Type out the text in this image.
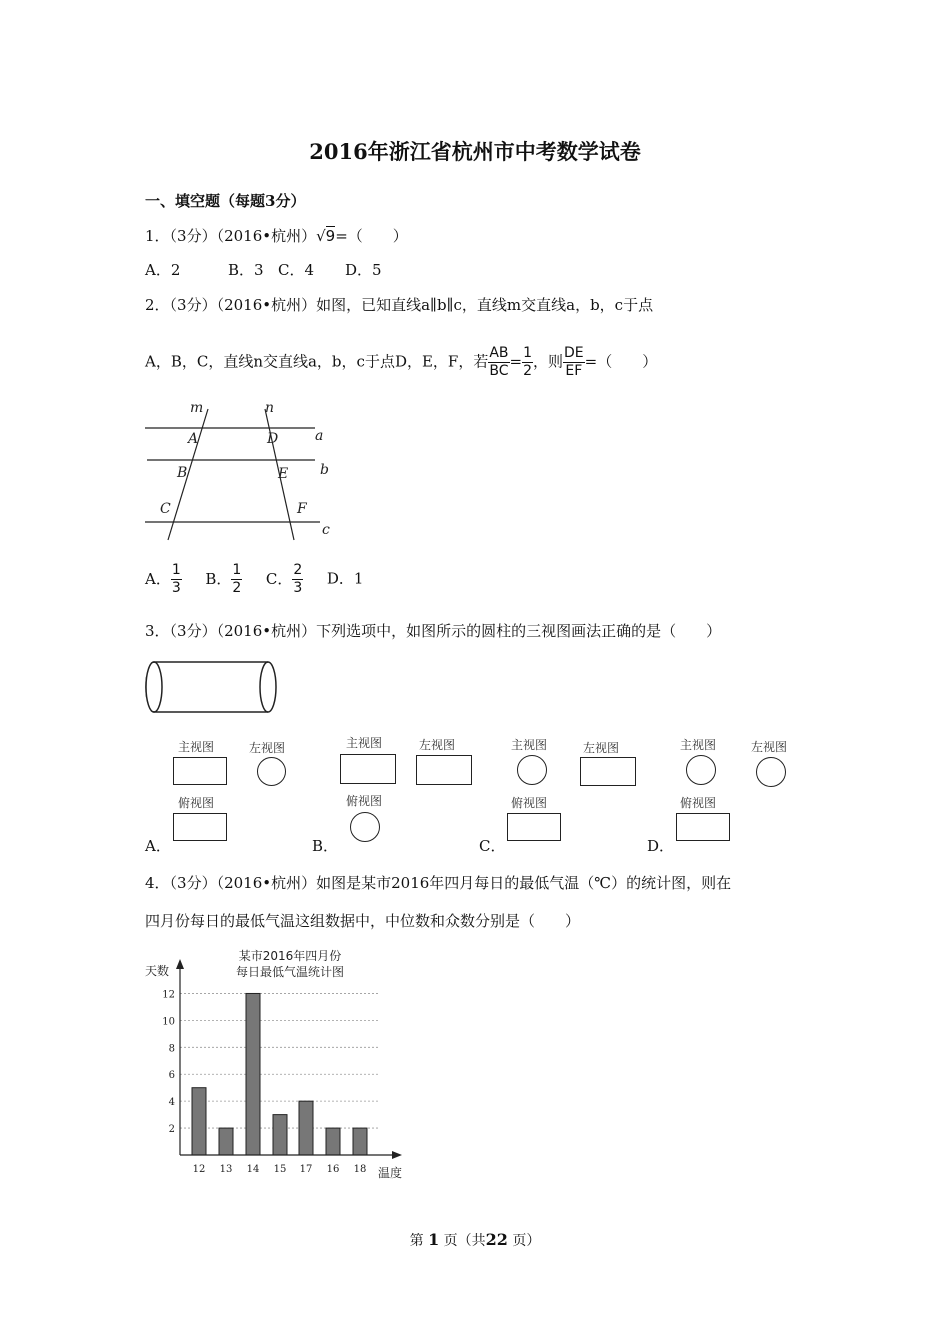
2016年浙江省杭州市中考数学试卷
一、填空题（每题3分）
1．（3分）（2016•杭州）√9=（　　）
A．2	B．3 C．4 D．5
2．（3分）（2016•杭州）如图，已知直线a∥b∥c，直线m交直线a，b，c于点
A，B，C，直线n交直线a，b，c于点D，E，F，若 $\frac{AB}{BC} = \frac{1}{2}$ ，则 $\frac{DE}{EF}$ =（　　）
m	n
A	D	a
B	E b
C	F
c
A． $\frac{1}{3}$ B． $\frac{1}{2}$ C． $\frac{2}{3}$ D．1
3．（3分）（2016•杭州）下列选项中，如图所示的圆柱的三视图画法正确的是（　　）
主视图	左视图
俯视图
A．
主视图	左视图
俯视图
B．
主视图	左视图
俯视图
C．
主视图	左视图
俯视图
D．
4．（3分）（2016•杭州）如图是某市2016年四月每日的最低气温（℃）的统计图，则在
四月份每日的最低气温这组数据中，中位数和众数分别是（　　）
某市2016年四月份
每日最低气温统计图
天数
温度
2
4
6
8
10
12
12 13 14 15 17 16 18
第 1 页（共22 页）
